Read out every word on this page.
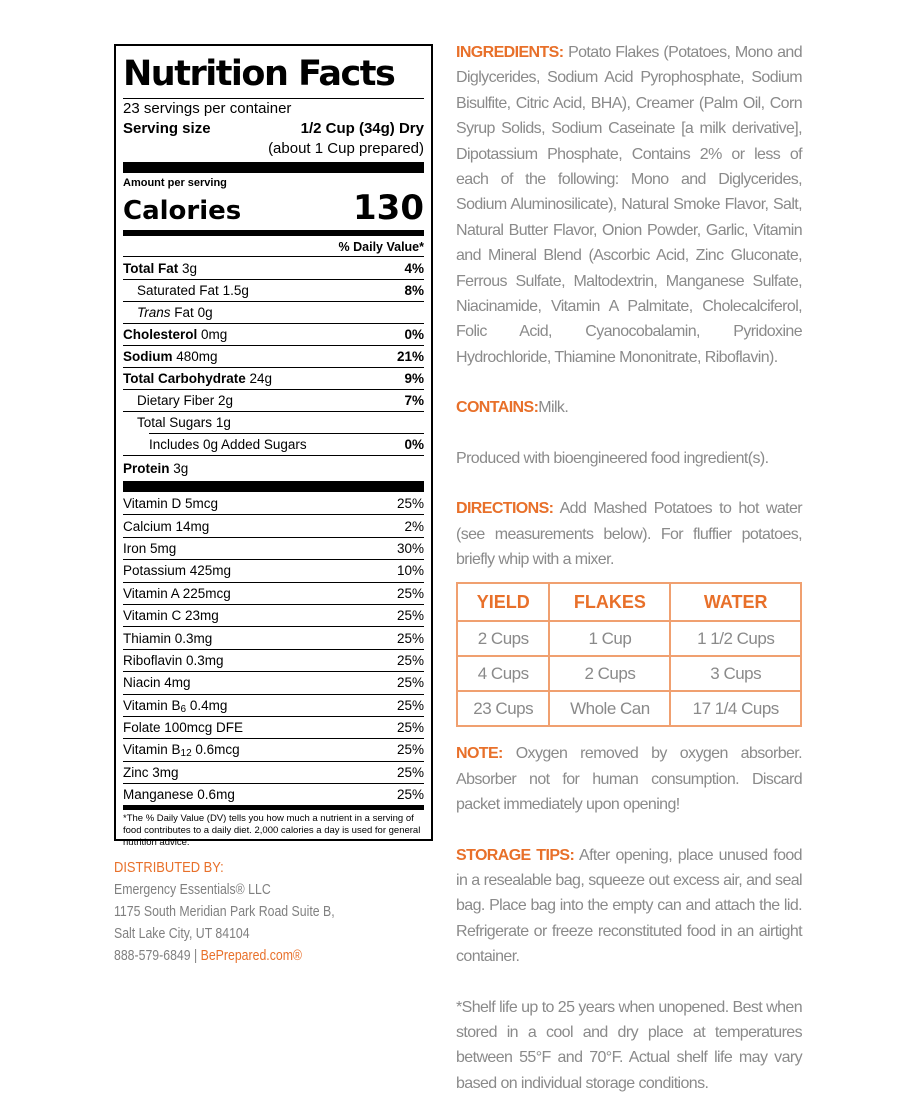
Nutrition Facts
23 servings per container
Serving size	1/2 Cup (34g) Dry
(about 1 Cup prepared)
Amount per serving
Calories	130
% Daily Value*
Total Fat 3g	4%
Saturated Fat 1.5g	8%
Trans Fat 0g
Cholesterol 0mg	0%
Sodium 480mg	21%
Total Carbohydrate 24g	9%
Dietary Fiber 2g	7%
Total Sugars 1g
Includes 0g Added Sugars	0%
Protein 3g
Vitamin D 5mcg	25%
Calcium 14mg	2%
Iron 5mg	30%
Potassium 425mg	10%
Vitamin A 225mcg	25%
Vitamin C 23mg	25%
Thiamin 0.3mg	25%
Riboflavin 0.3mg	25%
Niacin 4mg	25%
Vitamin B6 0.4mg	25%
Folate 100mcg DFE	25%
Vitamin B12 0.6mcg	25%
Zinc 3mg	25%
Manganese 0.6mg	25%
*The % Daily Value (DV) tells you how much a nutrient in a serving of food contributes to a daily diet. 2,000 calories a day is used for general nutrition advice.
DISTRIBUTED BY:
Emergency Essentials® LLC
1175 South Meridian Park Road Suite B,
Salt Lake City, UT 84104
888-579-6849 | BePrepared.com®
INGREDIENTS: Potato Flakes (Potatoes, Mono and Diglycerides, Sodium Acid Pyrophosphate, Sodium Bisulfite, Citric Acid, BHA), Creamer (Palm Oil, Corn Syrup Solids, Sodium Caseinate [a milk derivative], Dipotassium Phosphate, Contains 2% or less of each of the following: Mono and Diglycerides, Sodium Aluminosilicate), Natural Smoke Flavor, Salt, Natural Butter Flavor, Onion Powder, Garlic, Vitamin and Mineral Blend (Ascorbic Acid, Zinc Gluconate, Ferrous Sulfate, Maltodextrin, Manganese Sulfate, Niacinamide, Vitamin A Palmitate, Cholecalciferol, Folic Acid, Cyanocobalamin, Pyridoxine Hydrochloride, Thiamine Mononitrate, Riboflavin).
CONTAINS:Milk.
Produced with bioengineered food ingredient(s).
DIRECTIONS: Add Mashed Potatoes to hot water (see measurements below). For fluffier potatoes, briefly whip with a mixer.
YIELD	FLAKES	WATER
2 Cups	1 Cup	1 1/2 Cups
4 Cups	2 Cups	3 Cups
23 Cups	Whole Can	17 1/4 Cups
NOTE: Oxygen removed by oxygen absorber. Absorber not for human consumption. Discard packet immediately upon opening!
STORAGE TIPS: After opening, place unused food in a resealable bag, squeeze out excess air, and seal bag. Place bag into the empty can and attach the lid. Refrigerate or freeze reconstituted food in an airtight container.
*Shelf life up to 25 years when unopened. Best when stored in a cool and dry place at temperatures between 55°F and 70°F. Actual shelf life may vary based on individual storage conditions.
